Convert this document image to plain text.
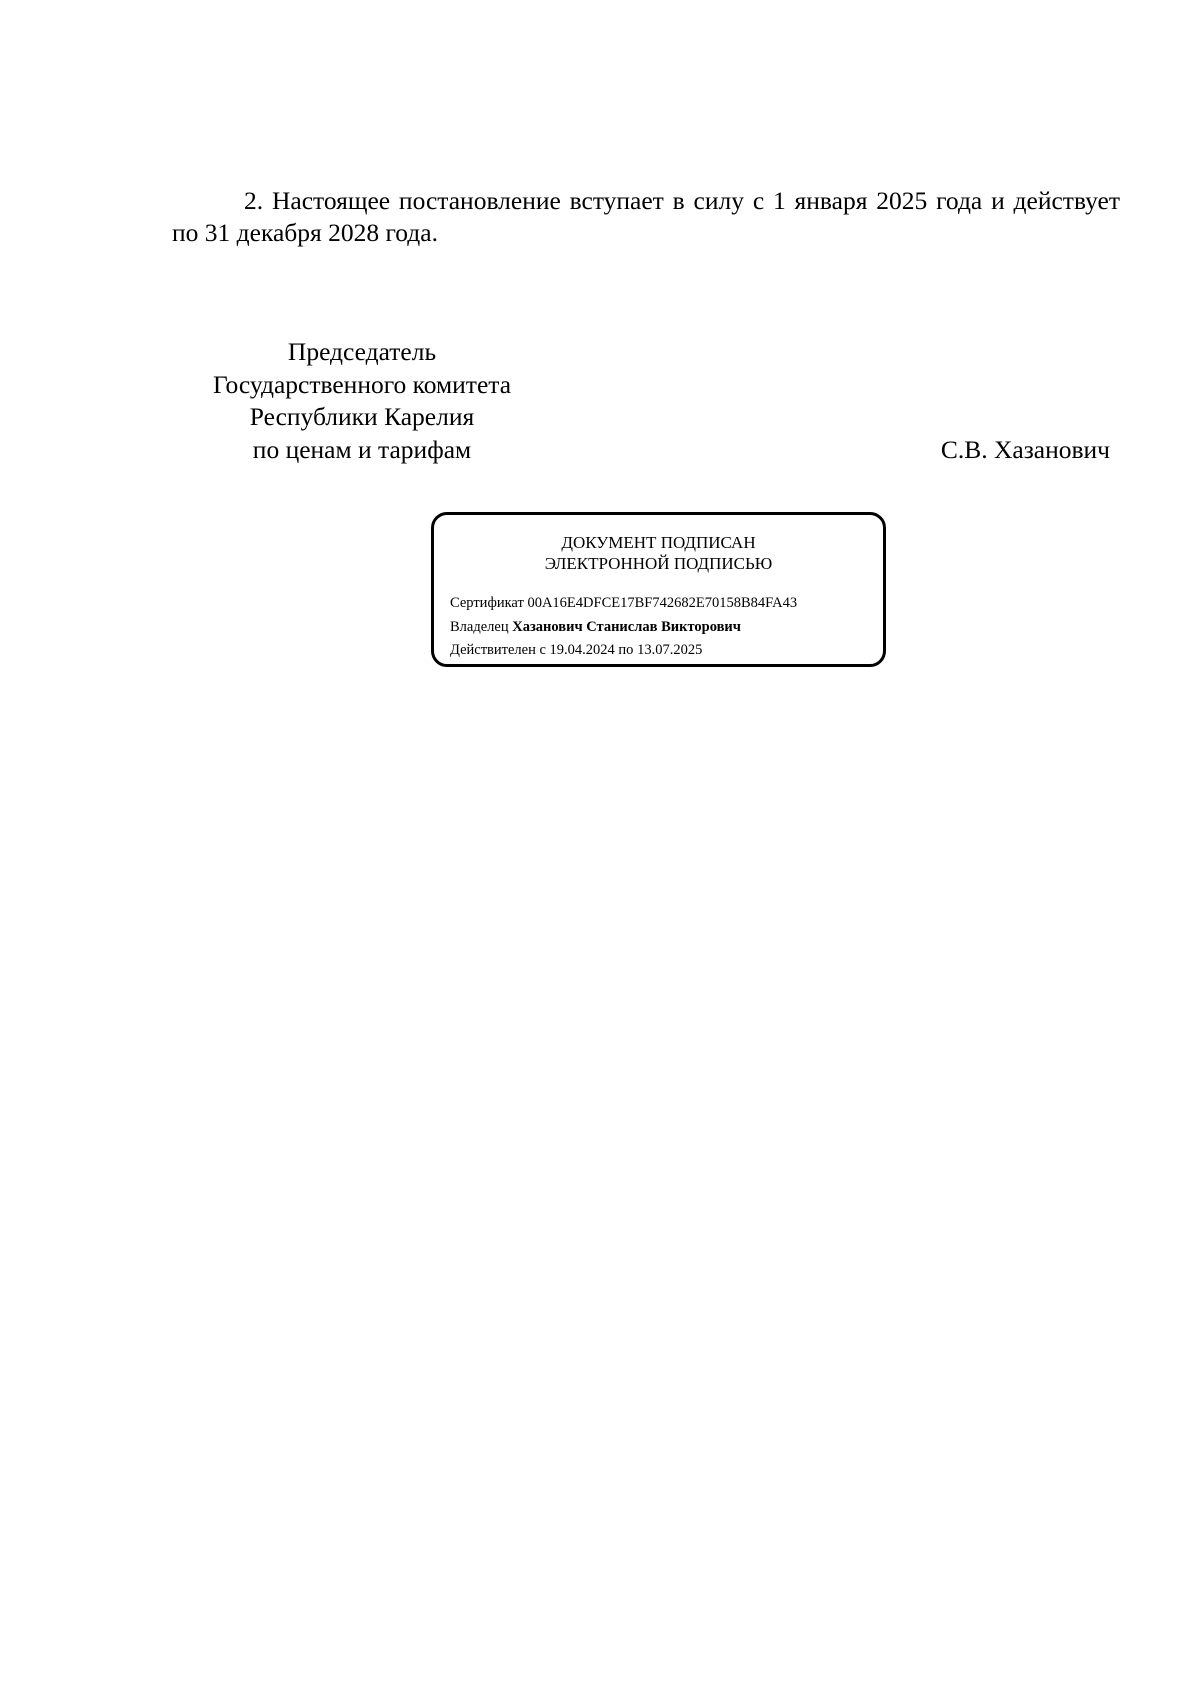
2. Настоящее постановление вступает в силу с 1 января 2025 года и действует по 31 декабря 2028 года.

Председатель
Государственного комитета
Республики Карелия
по ценам и тарифам	С.В. Хазанович
ДОКУМЕНТ ПОДПИСАН
ЭЛЕКТРОННОЙ ПОДПИСЬЮ
Сертификат 00A16E4DFCE17BF742682E70158B84FA43
Владелец Хазанович Станислав Викторович
Действителен с 19.04.2024 по 13.07.2025
